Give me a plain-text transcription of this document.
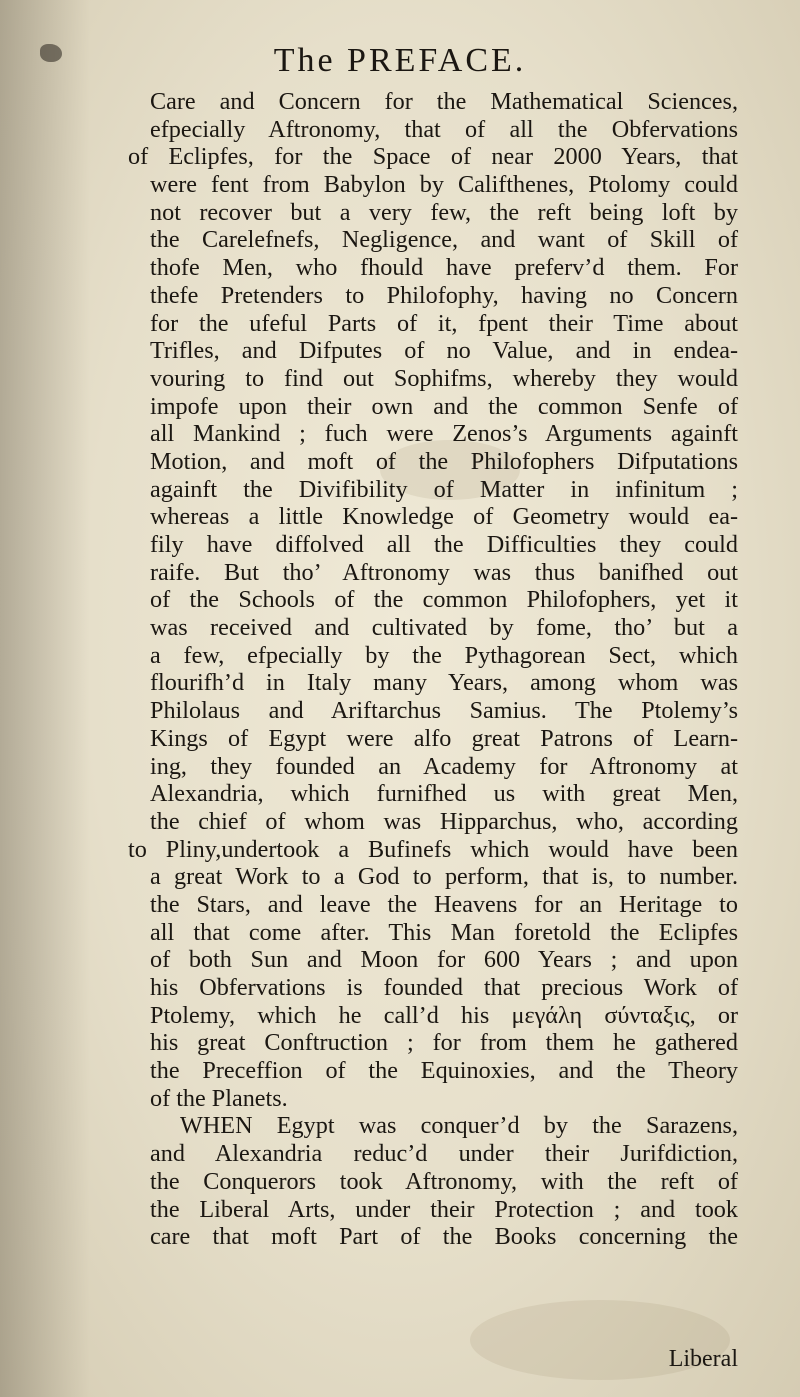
The PREFACE.
Care and Concern for the Mathematical Sciences,
efpecially Aftronomy, that of all the Obfervations
of Eclipfes, for the Space of near 2000 Years, that
were fent from Babylon by Califthenes, Ptolomy could
not recover but a very few, the reft being loft by
the Carelefnefs, Negligence, and want of Skill of
thofe Men, who fhould have preferv’d them. For
thefe Pretenders to Philofophy, having no Concern
for the ufeful Parts of it, fpent their Time about
Trifles, and Difputes of no Value, and in endea-
vouring to find out Sophifms, whereby they would
impofe upon their own and the common Senfe of
all Mankind ; fuch were Zenos’s Arguments againft
Motion, and moft of the Philofophers Difputations
againft the Divifibility of Matter in infinitum ;
whereas a little Knowledge of Geometry would ea-
fily have diffolved all the Difficulties they could
raife. But tho’ Aftronomy was thus banifhed out
of the Schools of the common Philofophers, yet it
was received and cultivated by fome, tho’ but a
a few, efpecially by the Pythagorean Sect, which
flourifh’d in Italy many Years, among whom was
Philolaus and Ariftarchus Samius. The Ptolemy’s
Kings of Egypt were alfo great Patrons of Learn-
ing, they founded an Academy for Aftronomy at
Alexandria, which furnifhed us with great Men,
the chief of whom was Hipparchus, who, according
to Pliny,undertook a Bufinefs which would have been
a great Work to a God to perform, that is, to number.
the Stars, and leave the Heavens for an Heritage to
all that come after. This Man foretold the Eclipfes
of both Sun and Moon for 600 Years ; and upon
his Obfervations is founded that precious Work of
Ptolemy, which he call’d his μεγάλη σύνταξις, or
his great Conftruction ; for from them he gathered
the Preceffion of the Equinoxies, and the Theory
of the Planets.
WHEN Egypt was conquer’d by the Sarazens,
and Alexandria reduc’d under their Jurifdiction,
the Conquerors took Aftronomy, with the reft of
the Liberal Arts, under their Protection ; and took
care that moft Part of the Books concerning the
Liberal
